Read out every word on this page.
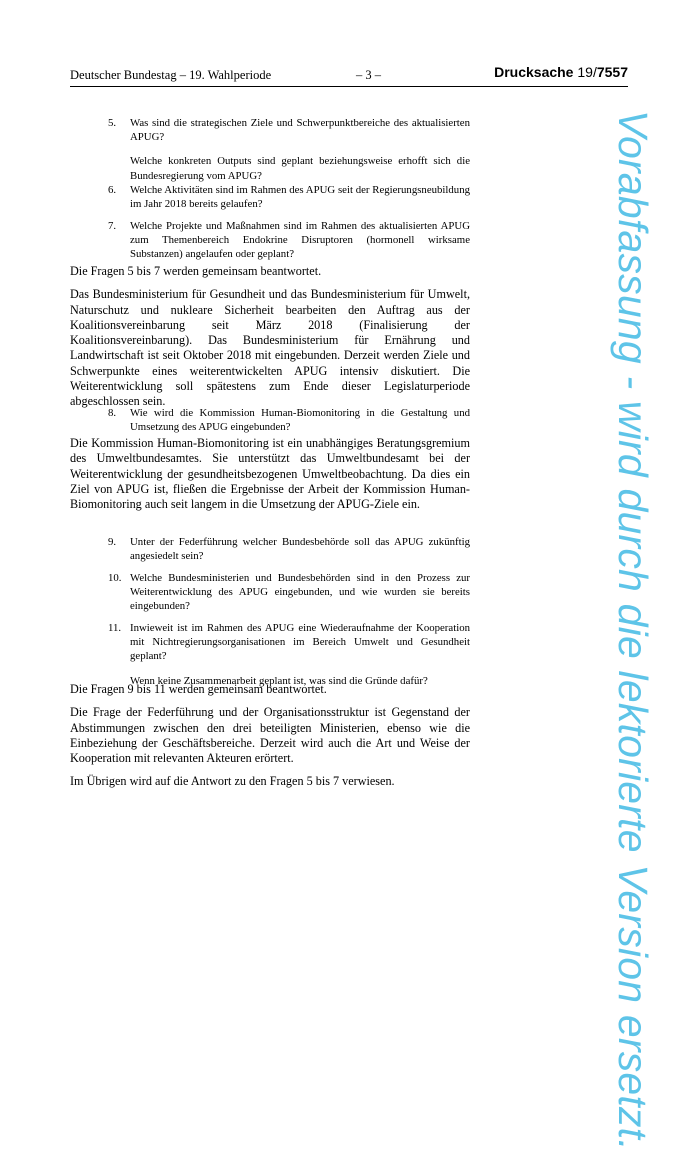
Deutscher Bundestag – 19. Wahlperiode	– 3 –	Drucksache 19/7557
5.	Was sind die strategischen Ziele und Schwerpunktbereiche des aktualisierten APUG?
Welche konkreten Outputs sind geplant beziehungsweise erhofft sich die Bundesregierung vom APUG?
6.	Welche Aktivitäten sind im Rahmen des APUG seit der Regierungsneubildung im Jahr 2018 bereits gelaufen?
7.	Welche Projekte und Maßnahmen sind im Rahmen des aktualisierten APUG zum Themenbereich Endokrine Disruptoren (hormonell wirksame Substanzen) angelaufen oder geplant?

Die Fragen 5 bis 7 werden gemeinsam beantwortet.

Das Bundesministerium für Gesundheit und das Bundesministerium für Umwelt, Naturschutz und nukleare Sicherheit bearbeiten den Auftrag aus der Koalitionsvereinbarung seit März 2018 (Finalisierung der Koalitionsvereinbarung). Das Bundesministerium für Ernährung und Landwirtschaft ist seit Oktober 2018 mit eingebunden. Derzeit werden Ziele und Schwerpunkte eines weiterentwickelten APUG intensiv diskutiert. Die Weiterentwicklung soll spätestens zum Ende dieser Legislaturperiode abgeschlossen sein.

8.	Wie wird die Kommission Human-Biomonitoring in die Gestaltung und Umsetzung des APUG eingebunden?

Die Kommission Human-Biomonitoring ist ein unabhängiges Beratungsgremium des Umweltbundesamtes. Sie unterstützt das Umweltbundesamt bei der Weiterentwicklung der gesundheitsbezogenen Umweltbeobachtung. Da dies ein Ziel von APUG ist, fließen die Ergebnisse der Arbeit der Kommission Human-Biomonitoring auch seit langem in die Umsetzung der APUG-Ziele ein.

9.	Unter der Federführung welcher Bundesbehörde soll das APUG zukünftig angesiedelt sein?
10. Welche Bundesministerien und Bundesbehörden sind in den Prozess zur Weiterentwicklung des APUG eingebunden, und wie wurden sie bereits eingebunden?
11. Inwieweit ist im Rahmen des APUG eine Wiederaufnahme der Kooperation mit Nichtregierungsorganisationen im Bereich Umwelt und Gesundheit geplant?
Wenn keine Zusammenarbeit geplant ist, was sind die Gründe dafür?

Die Fragen 9 bis 11 werden gemeinsam beantwortet.

Die Frage der Federführung und der Organisationsstruktur ist Gegenstand der Abstimmungen zwischen den drei beteiligten Ministerien, ebenso wie die Einbeziehung der Geschäftsbereiche. Derzeit wird auch die Art und Weise der Kooperation mit relevanten Akteuren erörtert.

Im Übrigen wird auf die Antwort zu den Fragen 5 bis 7 verwiesen.	Vorabfassung - wird durch die lektorierte Version ersetzt.
